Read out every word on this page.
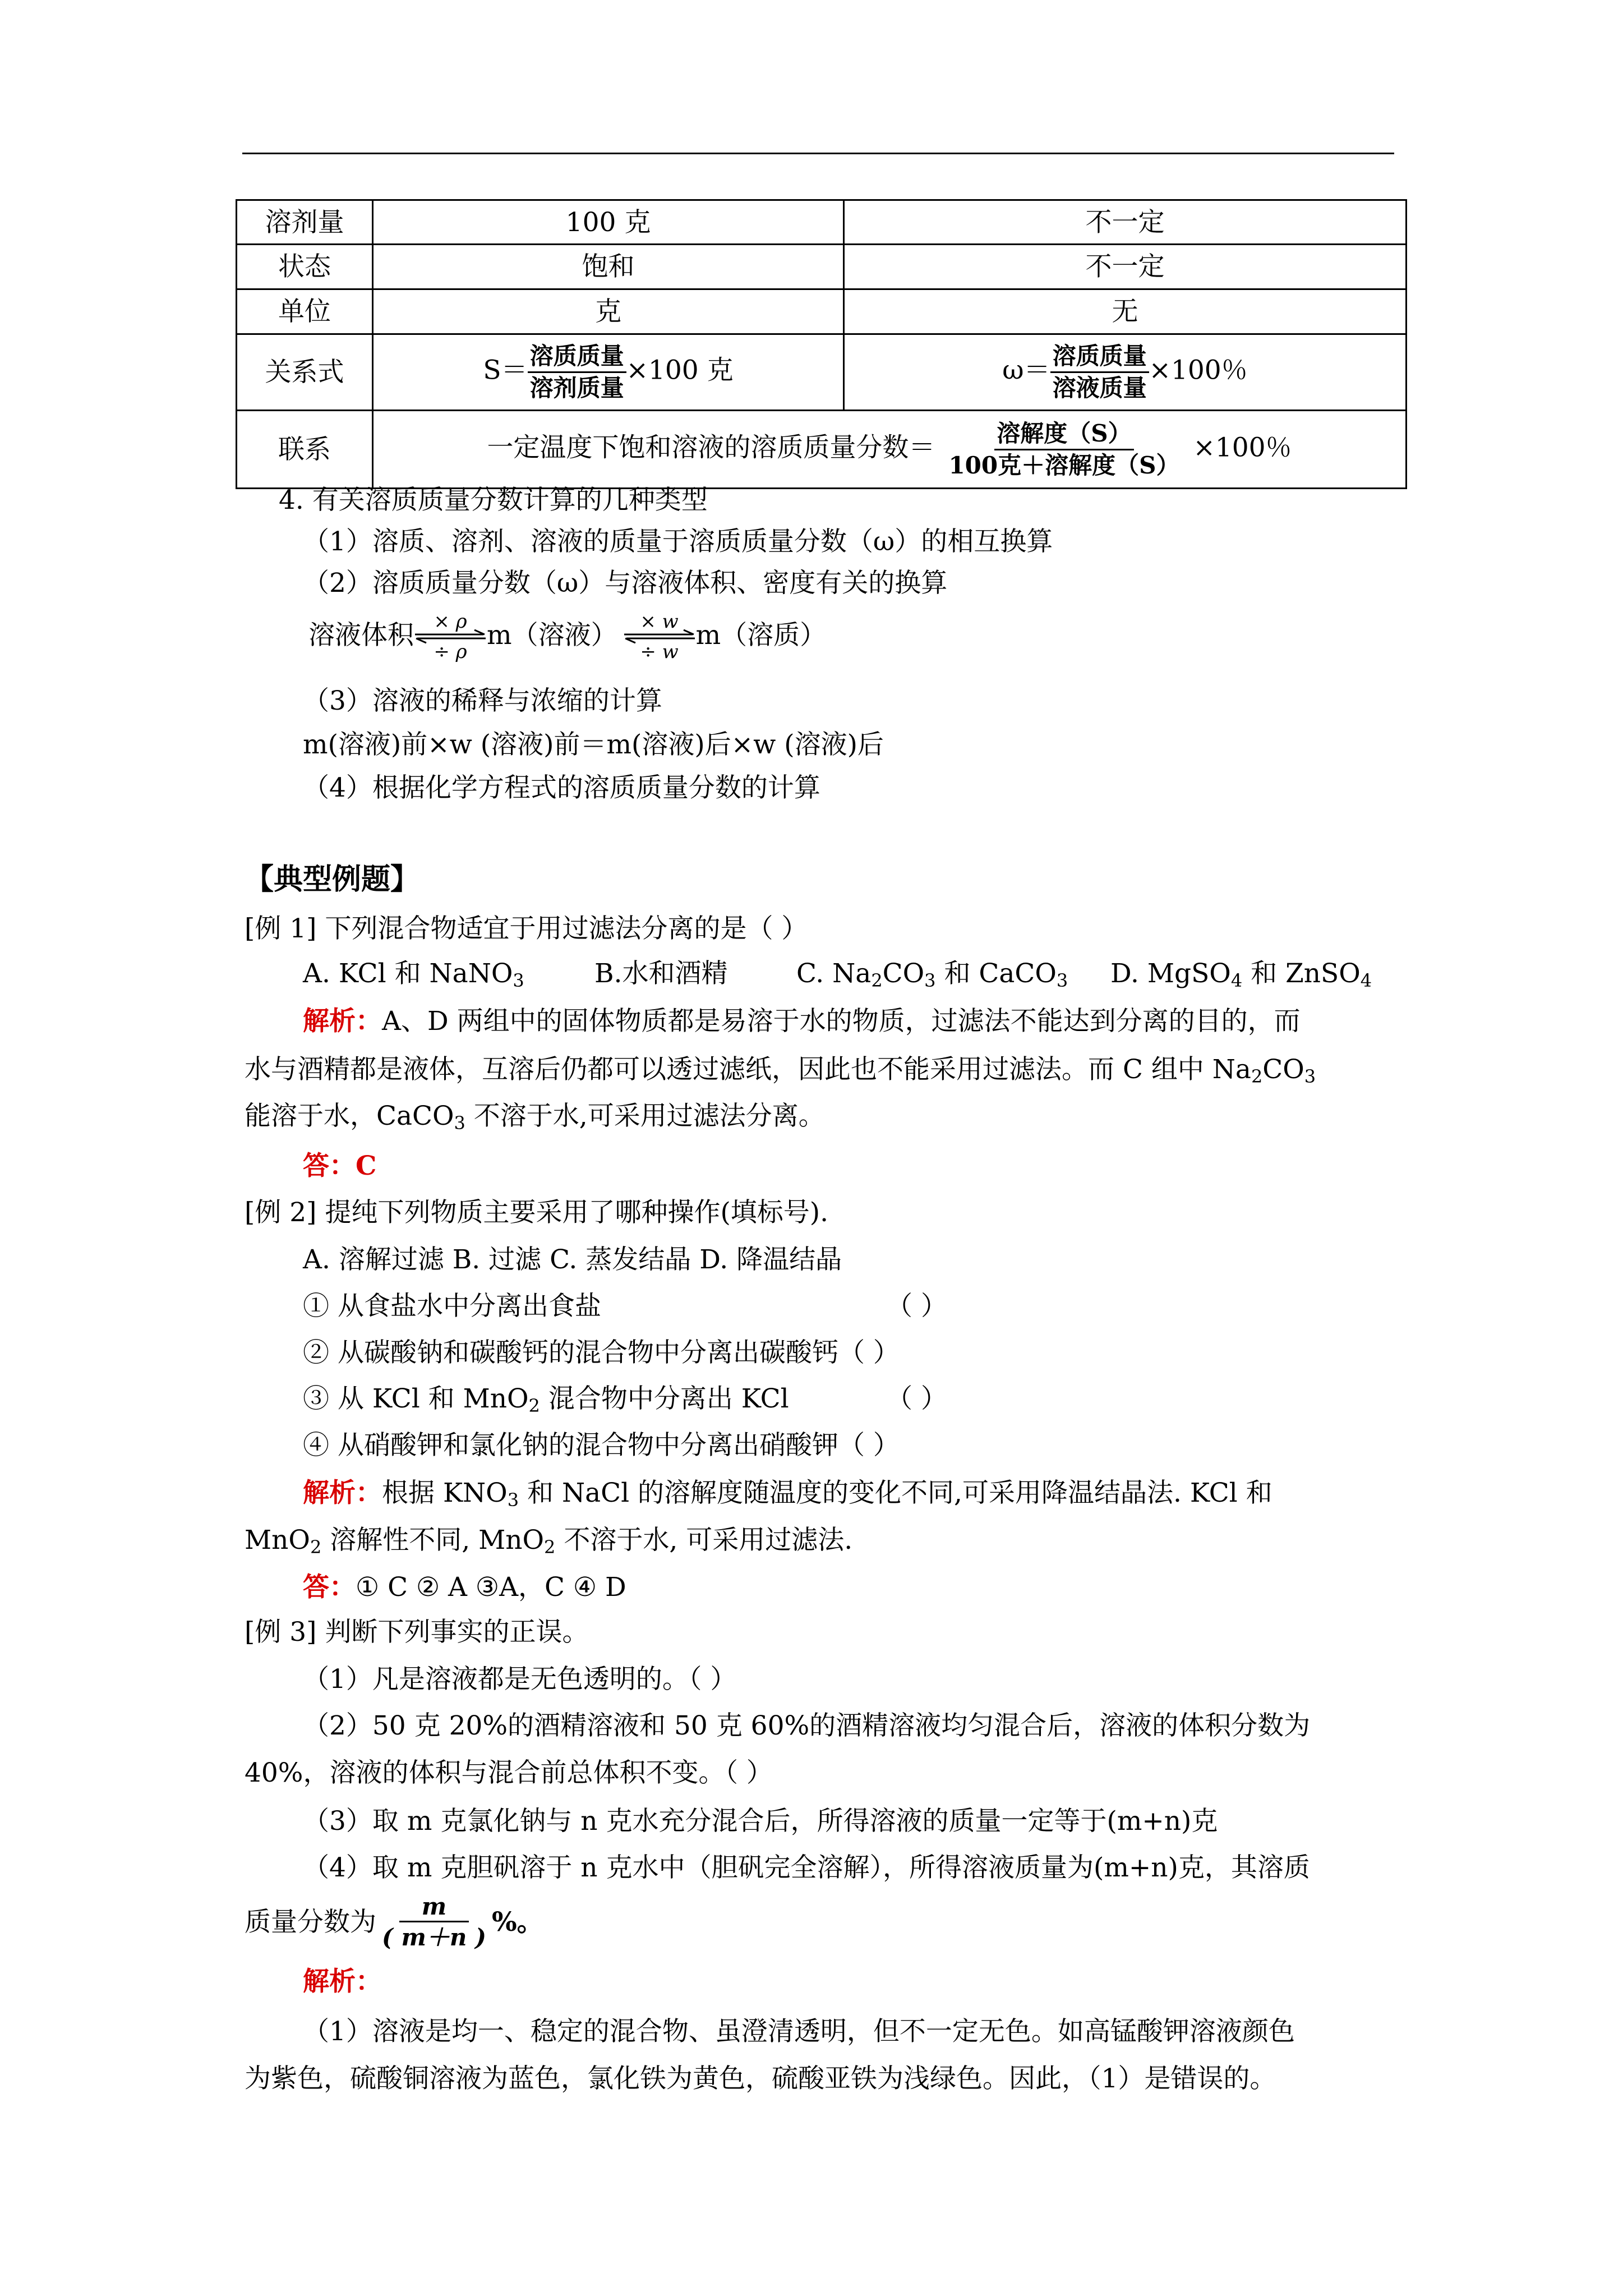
溶剂量	100 克	不一定
状态	饱和	不一定
单位	克	无
关系式	$S= \frac{\text{溶质质量}}{\text{溶剂质量}} \times 100$ 克	$\omega= \frac{\text{溶质质量}}{\text{溶液质量}} \times 100$％
联系	一定温度下饱和溶液的溶质质量分数＝ $\frac{\text{溶解度（S）}}{\text{100克＋溶解度（S）}} \times 100$％	
4. 有关溶质质量分数计算的几种类型
（1）溶质、溶剂、溶液的质量于溶质质量分数（ω）的相互换算
（2）溶质质量分数（ω）与溶液体积、密度有关的换算
溶液体积	× ρ
÷ ρ
m（溶液）	× w
÷ w
m（溶质）
（3）溶液的稀释与浓缩的计算
m(溶液)前×w (溶液)前＝m(溶液)后×w (溶液)后
（4）根据化学方程式的溶质质量分数的计算
【典型例题】
[例 1] 下列混合物适宜于用过滤法分离的是（ ）
A. KCl 和 NaNO$_3$	B.水和酒精	C. $Na_2CO_3$ 和 CaCO$_3$ D. MgSO$_4$ 和 ZnSO$_4$
解析：A、D 两组中的固体物质都是易溶于水的物质，过滤法不能达到分离的目的，而
水与酒精都是液体，互溶后仍都可以透过滤纸，因此也不能采用过滤法。而 C 组中 $Na_2CO_3$
能溶于水，CaCO$_3$ 不溶于水,可采用过滤法分离。
答：C
[例 2] 提纯下列物质主要采用了哪种操作(填标号).
A. 溶解过滤 B. 过滤 C. 蒸发结晶 D. 降温结晶
① 从食盐水中分离出食盐	（ ）
② 从碳酸钠和碳酸钙的混合物中分离出碳酸钙（ ）
③ 从 KCl 和 MnO$_2$ 混合物中分离出 KCl	（ ）
④ 从硝酸钾和氯化钠的混合物中分离出硝酸钾（ ）
解析：根据 $KNO_3$ 和 NaCl 的溶解度随温度的变化不同,可采用降温结晶法. KCl 和
MnO$_2$ 溶解性不同, MnO$_2$ 不溶于水, 可采用过滤法.
答：① C ② A ③A，C ④ D
[例 3] 判断下列事实的正误。
（1）凡是溶液都是无色透明的。（ ）
（2）50 克 20%的酒精溶液和 50 克 60%的酒精溶液均匀混合后，溶液的体积分数为
40%，溶液的体积与混合前总体积不变。（ ）
（3）取 m 克氯化钠与 n 克水充分混合后，所得溶液的质量一定等于(m+n)克
（4）取 m 克胆矾溶于 n 克水中（胆矾完全溶解），所得溶液质量为(m+n)克，其溶质
质量分数为 $\frac{m}{( m+n )}$ %。
解析：
（1）溶液是均一、稳定的混合物、虽澄清透明，但不一定无色。如高锰酸钾溶液颜色
为紫色，硫酸铜溶液为蓝色，氯化铁为黄色，硫酸亚铁为浅绿色。因此，（1）是错误的。
